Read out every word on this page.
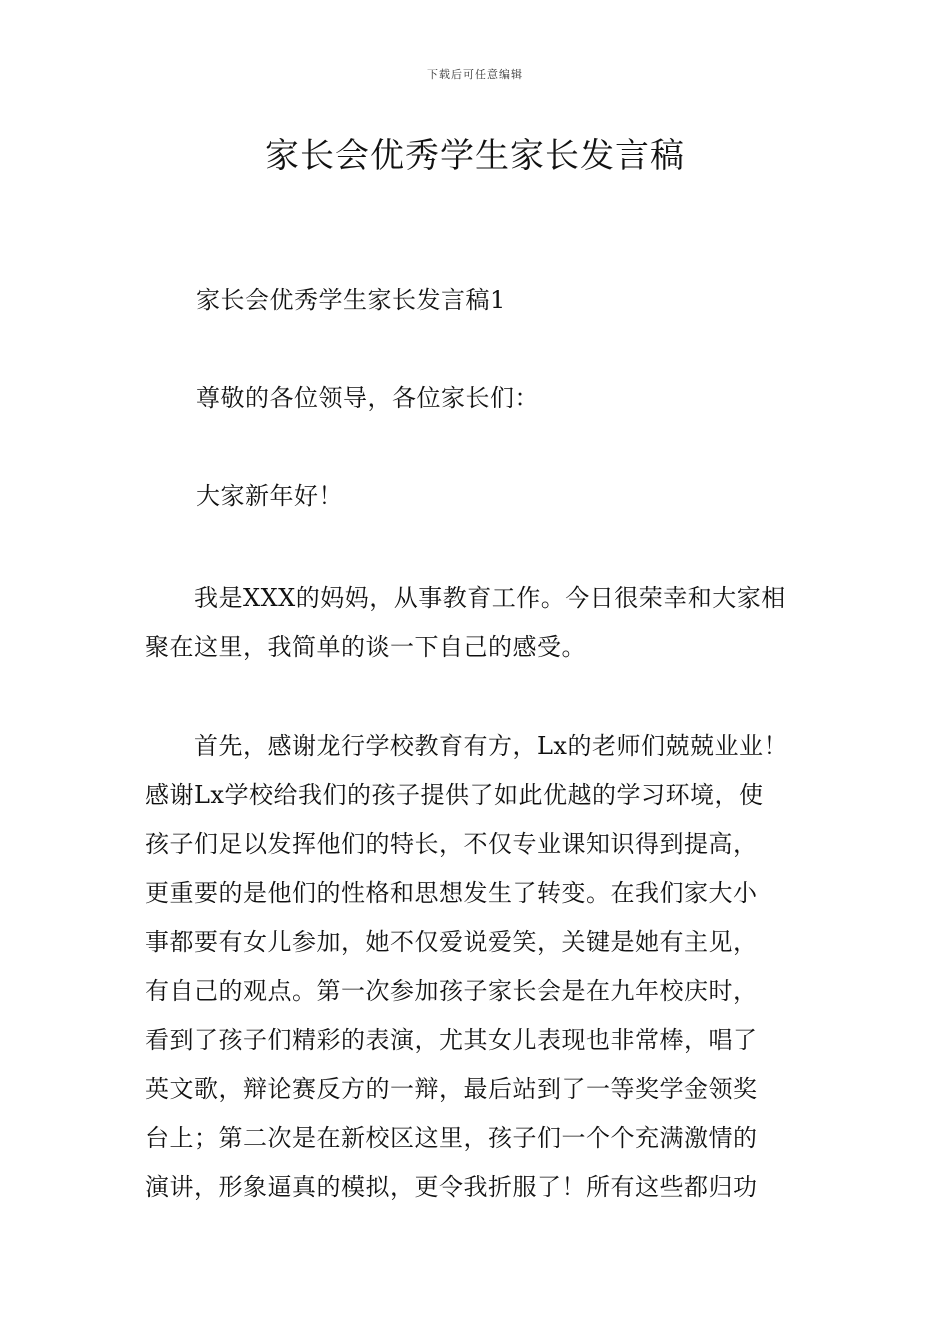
下载后可任意编辑
家长会优秀学生家长发言稿

家长会优秀学生家长发言稿1

尊敬的各位领导，各位家长们：

大家新年好！

　　我是XXX的妈妈，从事教育工作。今日很荣幸和大家相
聚在这里，我简单的谈一下自己的感受。

　　首先，感谢龙行学校教育有方，Lx的老师们兢兢业业！
感谢Lx学校给我们的孩子提供了如此优越的学习环境，使
孩子们足以发挥他们的特长，不仅专业课知识得到提高，
更重要的是他们的性格和思想发生了转变。在我们家大小
事都要有女儿参加，她不仅爱说爱笑，关键是她有主见，
有自己的观点。第一次参加孩子家长会是在九年校庆时，
看到了孩子们精彩的表演，尤其女儿表现也非常棒，唱了
英文歌，辩论赛反方的一辩，最后站到了一等奖学金领奖
台上；第二次是在新校区这里，孩子们一个个充满激情的
演讲，形象逼真的模拟，更令我折服了！所有这些都归功
